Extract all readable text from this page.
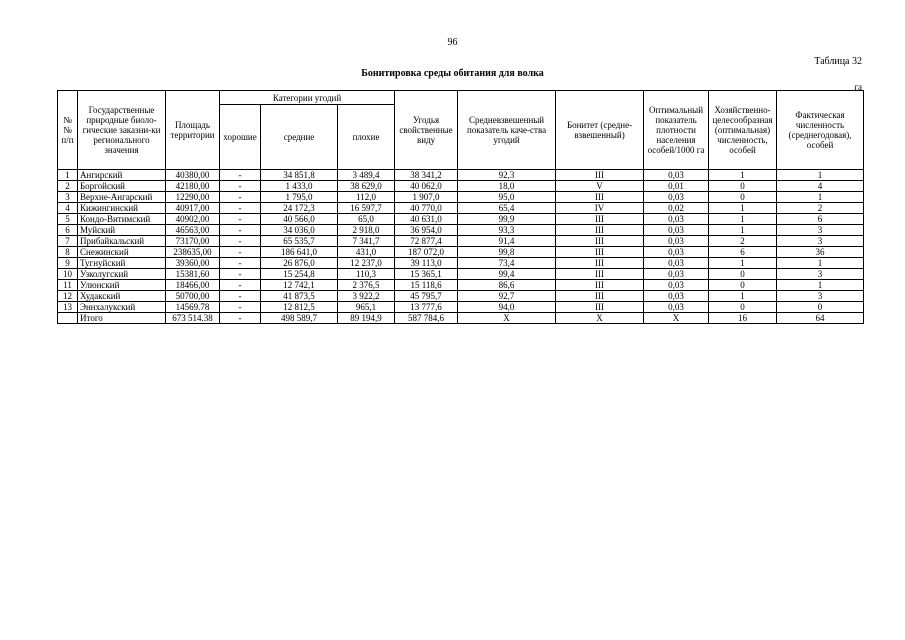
96
Таблица 32
Бонитировка среды обитания для волка
га
№№ п/п	Государственные природные биоло-гические заказни-ки регионального значения	Площадь территории	Категории угодий			Угодья свойственные виду	Средневзвешенный показатель каче-ства угодий	Бонитет (средне-взвешенный)	Оптимальный показатель плотности населения особей/1000 га	Хозяйственно-целесообразная (оптимальная) численность, особей	Фактическая численность (среднегодовая), особей
			хорошие	средние	плохие						
1	Ангирский	40380,00	-	34 851,8	3 489,4	38 341,2	92,3	III	0,03	1	1
2	Боргойский	42180,00	-	1 433,0	38 629,0	40 062,0	18,0	V	0,01	0	4
3	Верхне-Ангарский	12290,00	-	1 795,0	112,0	1 907,0	95,0	III	0,03	0	1
4	Кижингинский	40917,00	-	24 172,3	16 597,7	40 770,0	65,4	IV	0,02	1	2
5	Кондо-Витимский	40902,00	-	40 566,0	65,0	40 631,0	99,9	III	0,03	1	6
6	Муйский	46563,00	-	34 036,0	2 918,0	36 954,0	93,3	III	0,03	1	3
7	Прибайкальский	73170,00	-	65 535,7	7 341,7	72 877,4	91,4	III	0,03	2	3
8	Снежинский	238635,00	-	186 641,0	431,0	187 072,0	99,8	III	0,03	6	36
9	Тугнуйский	39360,00	-	26 876,0	12 237,0	39 113,0	73,4	III	0,03	1	1
10	Узколугский	15381,60	-	15 254,8	110,3	15 365,1	99,4	III	0,03	0	3
11	Улюнский	18466,00	-	12 742,1	2 376,5	15 118,6	86,6	III	0,03	0	1
12	Худакский	50700,00	-	41 873,5	3 922,2	45 795,7	92,7	III	0,03	1	3
13	Эннхалукский	14569.78	-	12 812,5	965,1	13 777,6	94,0	III	0,03	0	0
	Итого	673 514.38	-	498 589,7	89 194,9	587 784,6	X	X	X	16	64
